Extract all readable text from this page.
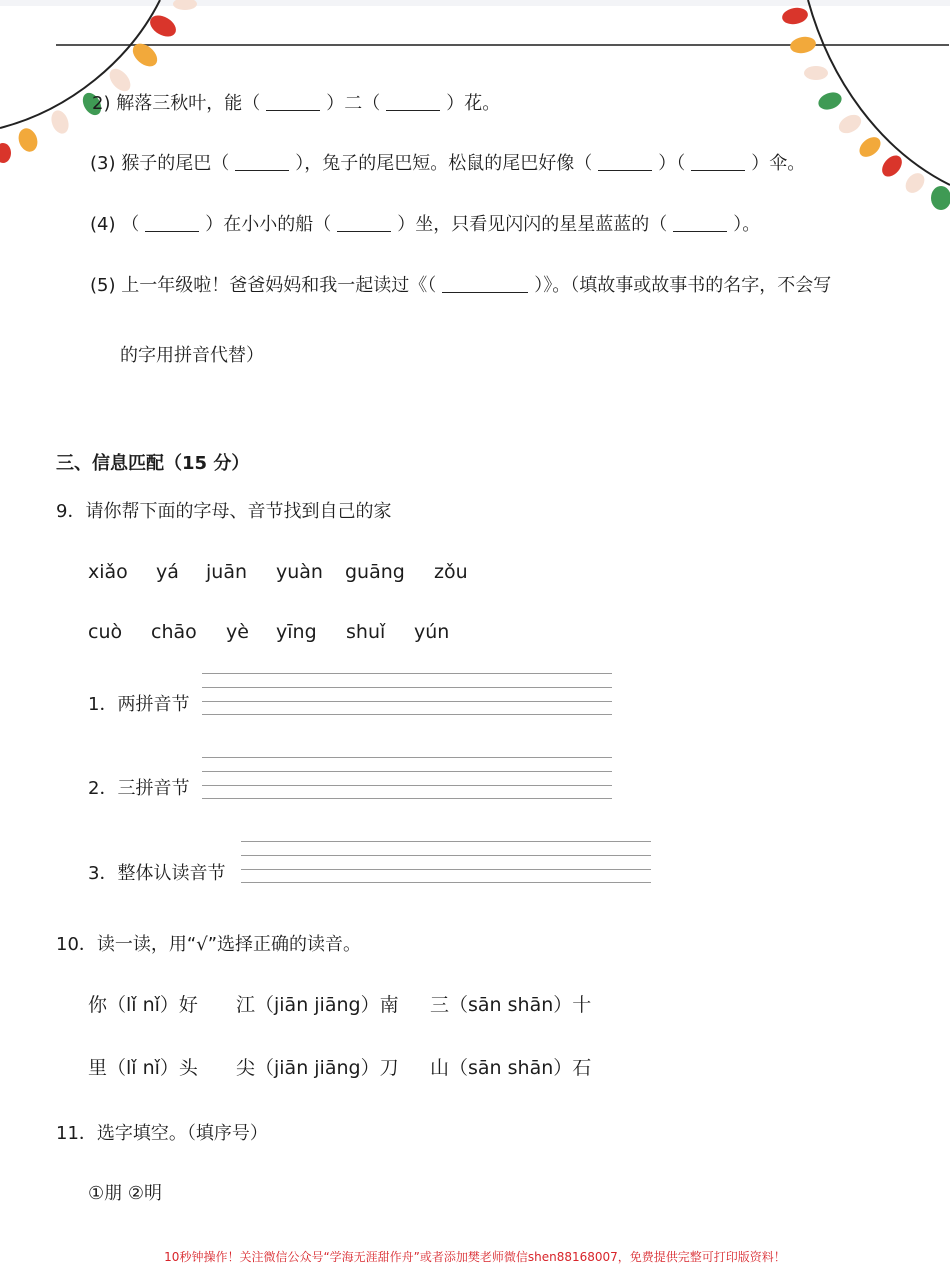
2) 解落三秋叶，能（	）二（	）花。
(3) 猴子的尾巴（	），兔子的尾巴短。松鼠的尾巴好像（	）（	）伞。
(4) （	）在小小的船（	）坐，只看见闪闪的星星蓝蓝的（	）。
(5) 上一年级啦！爸爸妈妈和我一起读过《（	）》。（填故事或故事书的名字，不会写
的字用拼音代替）
三、信息匹配（15 分）
9．请你帮下面的字母、音节找到自己的家
xiǎo yá juān yuàn guāng zǒu
cuò chāo yè yīng shuǐ yún
1．两拼音节
2．三拼音节
3．整体认读音节
10．读一读，用“√”选择正确的读音。
你（lǐ nǐ）好 江（jiān jiāng）南 三（sān shān）十
里（lǐ nǐ）头 尖（jiān jiāng）刀 山（sān shān）石
11．选字填空。（填序号）
①朋 ②明
10秒钟操作！关注微信公众号“学海无涯甜作舟”或者添加樊老师微信shen88168007，免费提供完整可打印版资料！
